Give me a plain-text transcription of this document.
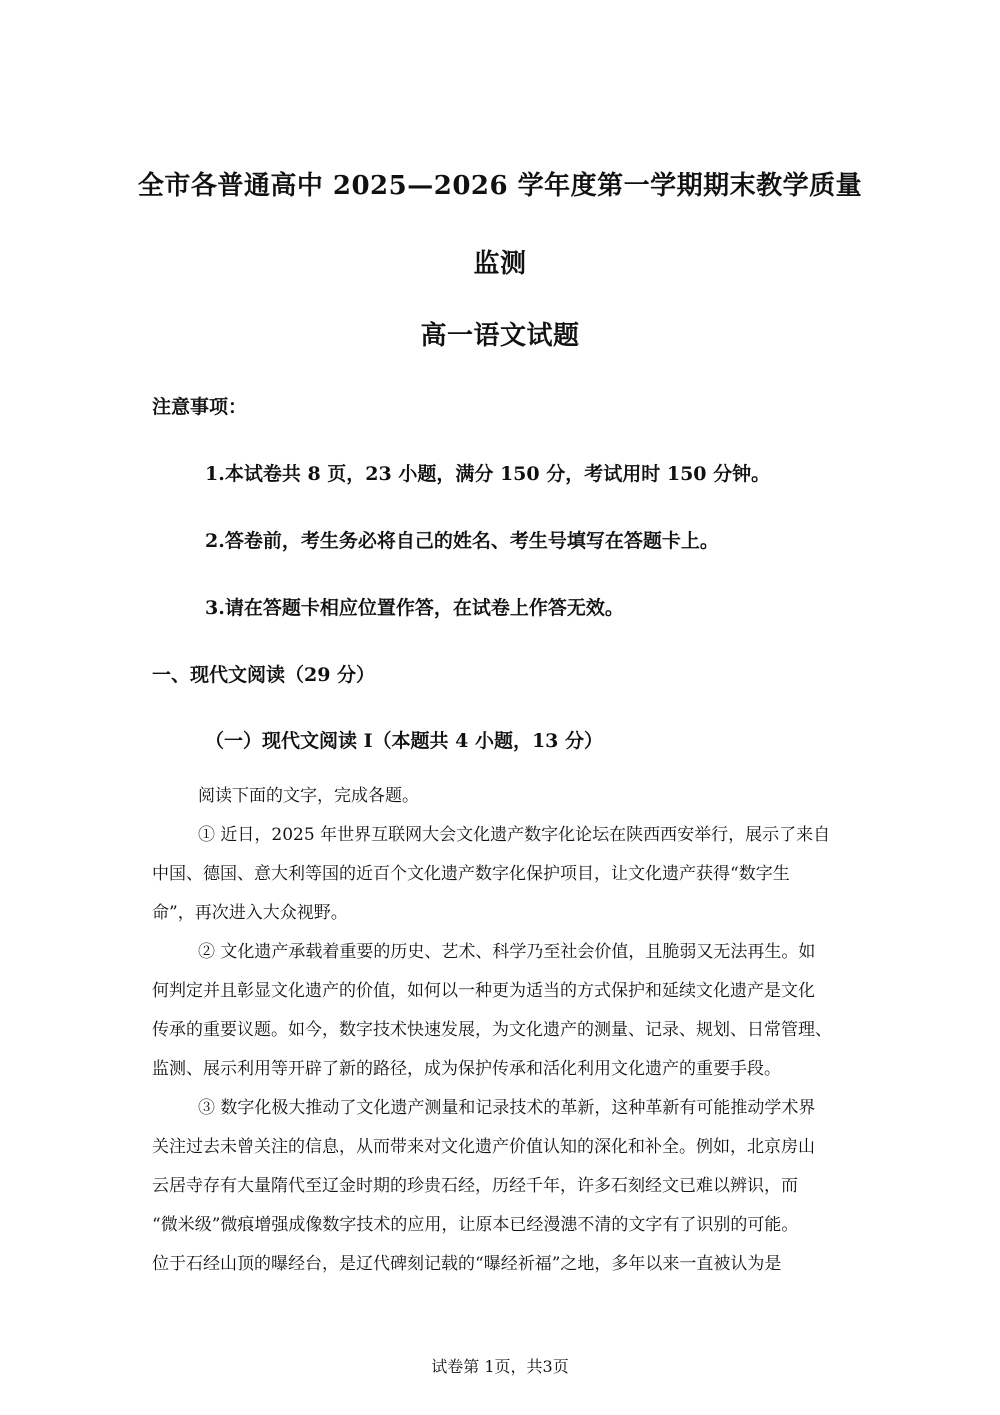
全市各普通高中 2025—2026 学年度第一学期期末教学质量
监测
高一语文试题
注意事项：
1.本试卷共 8 页，23 小题，满分 150 分，考试用时 150 分钟。
2.答卷前，考生务必将自己的姓名、考生号填写在答题卡上。
3.请在答题卡相应位置作答，在试卷上作答无效。
一、现代文阅读（29 分）
（一）现代文阅读 I（本题共 4 小题，13 分）
阅读下面的文字，完成各题。
① 近日，2025 年世界互联网大会文化遗产数字化论坛在陕西西安举行，展示了来自
中国、德国、意大利等国的近百个文化遗产数字化保护项目，让文化遗产获得“数字生
命”，再次进入大众视野。
② 文化遗产承载着重要的历史、艺术、科学乃至社会价值，且脆弱又无法再生。如
何判定并且彰显文化遗产的价值，如何以一种更为适当的方式保护和延续文化遗产是文化
传承的重要议题。如今，数字技术快速发展，为文化遗产的测量、记录、规划、日常管理、
监测、展示利用等开辟了新的路径，成为保护传承和活化利用文化遗产的重要手段。
③ 数字化极大推动了文化遗产测量和记录技术的革新，这种革新有可能推动学术界
关注过去未曾关注的信息，从而带来对文化遗产价值认知的深化和补全。例如，北京房山
云居寺存有大量隋代至辽金时期的珍贵石经，历经千年，许多石刻经文已难以辨识，而
“微米级”微痕增强成像数字技术的应用，让原本已经漫漶不清的文字有了识别的可能。
位于石经山顶的曝经台，是辽代碑刻记载的“曝经祈福”之地，多年以来一直被认为是
试卷第 1页，共3页
